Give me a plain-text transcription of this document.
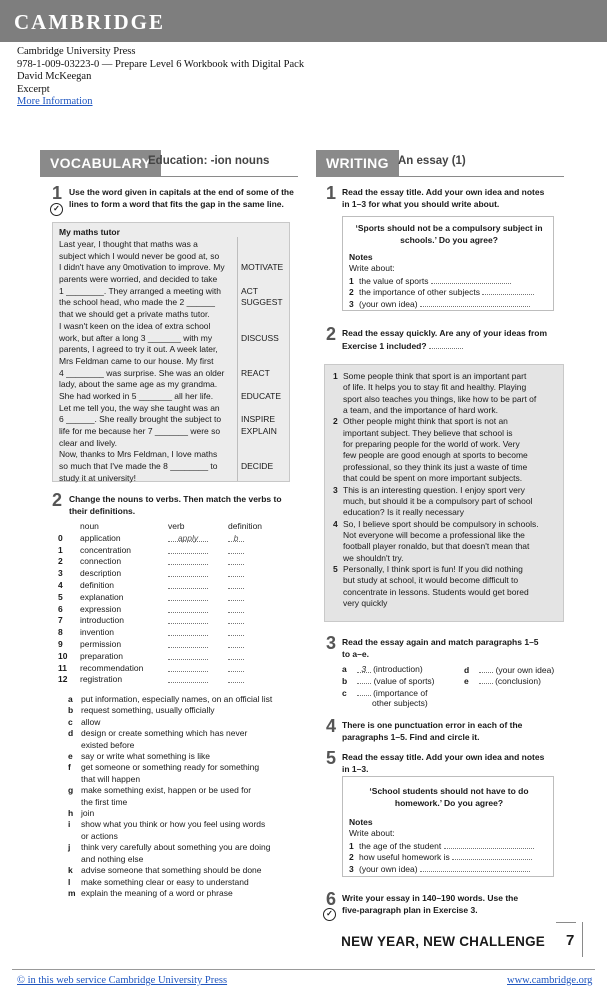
CAMBRIDGE
Cambridge University Press
978-1-009-03223-0 — Prepare Level 6 Workbook with Digital Pack
David McKeegan
Excerpt
More Information
VOCABULARY
Education: -ion nouns	WRITING An essay (1)
1
✓
Use the word given in capitals at the end of some of the
lines to form a word that fits the gap in the same line.
My maths tutor
Last year, I thought that maths was a
subject which I would never be good at, so
I didn't have any 0motivation to improve. My
parents were worried, and decided to take
1 ________. They arranged a meeting with
the school head, who made the 2 ______
that we should get a private maths tutor.
I wasn't keen on the idea of extra school
work, but after a long 3 _______ with my
parents, I agreed to try it out. A week later,
Mrs Feldman came to our house. My first
4 ________ was surprise. She was an older
lady, about the same age as my grandma.
She had worked in 5 _______ all her life.
Let me tell you, the way she taught was an
6 ______. She really brought the subject to
life for me because her 7 _______ were so
clear and lively.
Now, thanks to Mrs Feldman, I love maths
so much that I've made the 8 ________ to
study it at university!
MOTIVATE
ACT
SUGGEST
DISCUSS
REACT
EDUCATE
INSPIRE
EXPLAIN
DECIDE
2 Change the nouns to verbs. Then match the verbs to
their definitions.
noun	verb	definition
0 application	apply	b
1 concentration
2 connection
3 description
4 definition
5 explanation
6 expression
7 introduction
8 invention
9 permission
10 preparation
11 recommendation
12 registration
a put information, especially names, on an official list
b request something, usually officially
c allow
d design or create something which has never
existed before
e say or write what something is like
f get someone or something ready for something
that will happen
g make something exist, happen or be used for
the first time
h join
i show what you think or how you feel using words
or actions
j think very carefully about something you are doing
and nothing else
k advise someone that something should be done
l make something clear or easy to understand
m explain the meaning of a word or phrase
1 Read the essay title. Add your own idea and notes
in 1–3 for what you should write about.
‘Sports should not be a compulsory subject in
schools.’ Do you agree?
Notes
Write about:
1 the value of sports
2 the importance of other subjects
3 (your own idea)
2 Read the essay quickly. Are any of your ideas from
Exercise 1 included?
1 Some people think that sport is an important part
of life. It helps you to stay fit and healthy. Playing
sport also teaches you things, like how to be part of
a team, and the importance of hard work.
2 Other people might think that sport is not an
important subject. They believe that school is
for preparing people for the world of work. Very
few people are good enough at sports to become
professional, so they think its just a waste of time
that could be spent on more important subjects.
3 This is an interesting question. I enjoy sport very
much, but should it be a compulsory part of school
education? Is it really necessary
4 So, I believe sport should be compulsory in schools.
Not everyone will become a professional like the
football player ronaldo, but that doesn't mean that
we shouldn't try.
5 Personally, I think sport is fun! If you did nothing
but study at school, it would become difficult to
concentrate in lessons. Students would get bored
very quickly
3 Read the essay again and match paragraphs 1–5
to a–e.
a 3 (introduction)
b	(value of sports)
c	(importance of
other subjects)
d	(your own idea)
e	(conclusion)
4 There is one punctuation error in each of the
paragraphs 1–5. Find and circle it.
5 Read the essay title. Add your own idea and notes
in 1–3.
‘School students should not have to do
homework.’ Do you agree?
Notes
Write about:
1 the age of the student
2 how useful homework is
3 (your own idea)
6
✓
Write your essay in 140–190 words. Use the
five-paragraph plan in Exercise 3.
NEW YEAR, NEW CHALLENGE 7
© in this web service Cambridge University Press	www.cambridge.org
